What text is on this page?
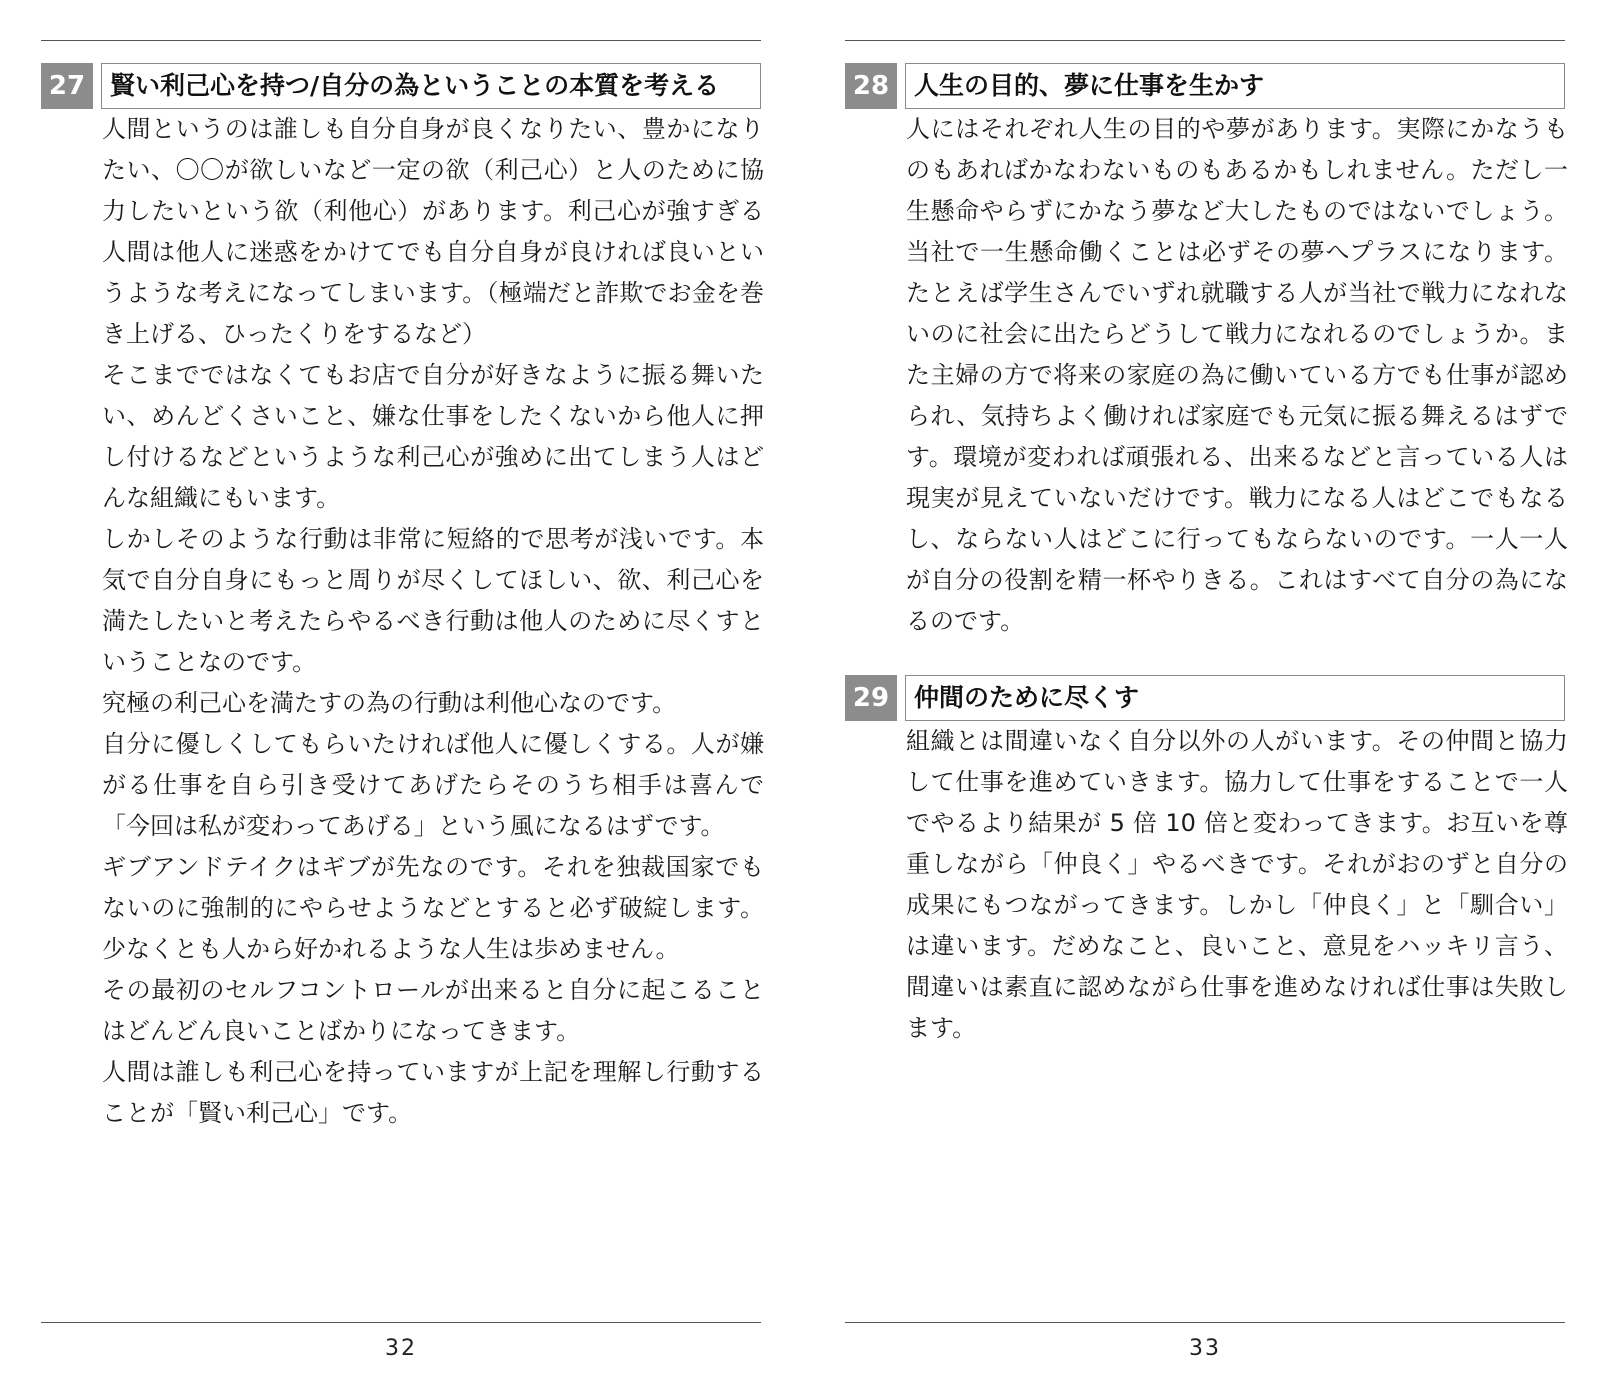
27 賢い利己心を持つ/自分の為ということの本質を考える

人間というのは誰しも自分自身が良くなりたい、豊かになりたい、〇〇が欲しいなど一定の欲（利己心）と人のために協力したいという欲（利他心）があります。利己心が強すぎる人間は他人に迷惑をかけてでも自分自身が良ければ良いというような考えになってしまいます。（極端だと詐欺でお金を巻き上げる、ひったくりをするなど）

そこまでではなくてもお店で自分が好きなように振る舞いたい、めんどくさいこと、嫌な仕事をしたくないから他人に押し付けるなどというような利己心が強めに出てしまう人はどんな組織にもいます。

しかしそのような行動は非常に短絡的で思考が浅いです。本気で自分自身にもっと周りが尽くしてほしい、欲、利己心を満たしたいと考えたらやるべき行動は他人のために尽くすということなのです。

究極の利己心を満たすの為の行動は利他心なのです。

自分に優しくしてもらいたければ他人に優しくする。人が嫌がる仕事を自ら引き受けてあげたらそのうち相手は喜んで「今回は私が変わってあげる」という風になるはずです。

ギブアンドテイクはギブが先なのです。それを独裁国家でもないのに強制的にやらせようなどとすると必ず破綻します。少なくとも人から好かれるような人生は歩めません。

その最初のセルフコントロールが出来ると自分に起こることはどんどん良いことばかりになってきます。

人間は誰しも利己心を持っていますが上記を理解し行動することが「賢い利己心」です。

32
28 人生の目的、夢に仕事を生かす

人にはそれぞれ人生の目的や夢があります。実際にかなうものもあればかなわないものもあるかもしれません。ただし一生懸命やらずにかなう夢など大したものではないでしょう。当社で一生懸命働くことは必ずその夢へプラスになります。たとえば学生さんでいずれ就職する人が当社で戦力になれないのに社会に出たらどうして戦力になれるのでしょうか。また主婦の方で将来の家庭の為に働いている方でも仕事が認められ、気持ちよく働ければ家庭でも元気に振る舞えるはずです。環境が変われば頑張れる、出来るなどと言っている人は現実が見えていないだけです。戦力になる人はどこでもなるし、ならない人はどこに行ってもならないのです。一人一人が自分の役割を精一杯やりきる。これはすべて自分の為になるのです。

29 仲間のために尽くす

組織とは間違いなく自分以外の人がいます。その仲間と協力して仕事を進めていきます。協力して仕事をすることで一人でやるより結果が 5 倍 10 倍と変わってきます。お互いを尊重しながら「仲良く」やるべきです。それがおのずと自分の成果にもつながってきます。しかし「仲良く」と「馴合い」は違います。だめなこと、良いこと、意見をハッキリ言う、間違いは素直に認めながら仕事を進めなければ仕事は失敗します。

33
